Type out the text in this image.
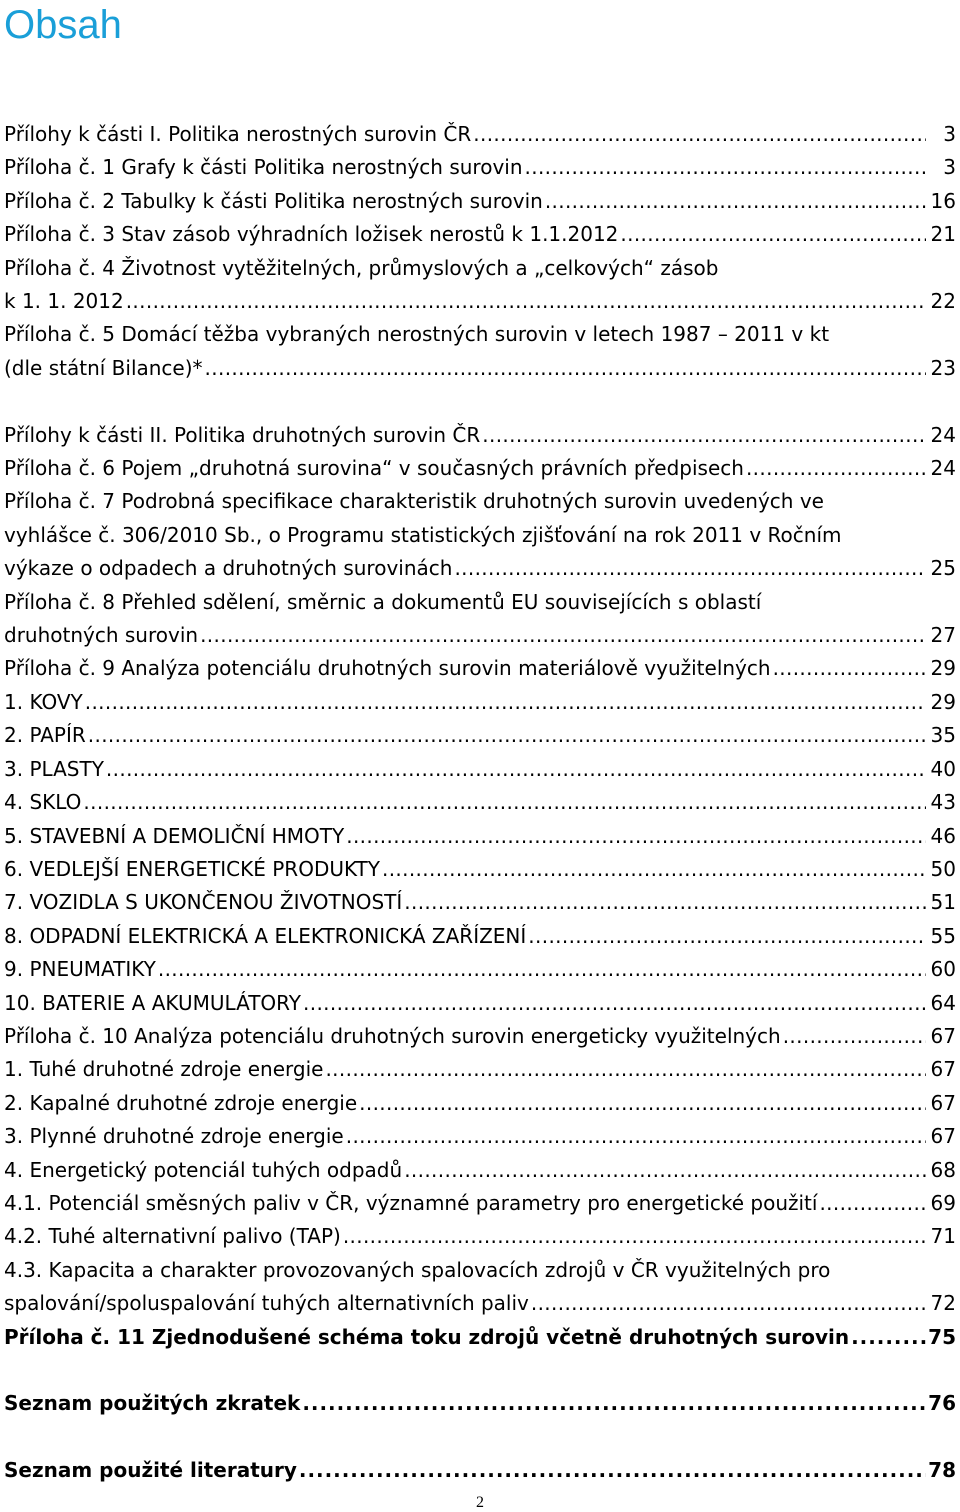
Obsah
Přílohy k části I. Politika nerostných surovin ČR . . .	3
Příloha č. 1 Grafy k části Politika nerostných surovin . . .	3
Příloha č. 2 Tabulky k části Politika nerostných surovin . . .	16
Příloha č. 3 Stav zásob výhradních ložisek nerostů k 1.1.2012 . . .	21
Příloha č. 4 Životnost vytěžitelných, průmyslových a „celkových“ zásob
k 1. 1. 2012 . . .	22
Příloha č. 5 Domácí těžba vybraných nerostných surovin v letech 1987 – 2011 v kt
(dle státní Bilance)* . . .	23
Přílohy k části II. Politika druhotných surovin ČR . . .	24
Příloha č. 6 Pojem „druhotná surovina“ v současných právních předpisech . . .	24
Příloha č. 7 Podrobná specifikace charakteristik druhotných surovin uvedených ve
vyhlášce č. 306/2010 Sb., o Programu statistických zjišťování na rok 2011 v Ročním
výkaze o odpadech a druhotných surovinách . . .	25
Příloha č. 8 Přehled sdělení, směrnic a dokumentů EU souvisejících s oblastí
druhotných surovin . . .	27
Příloha č. 9 Analýza potenciálu druhotných surovin materiálově využitelných . . .	29
1. KOVY . . .	29
2. PAPÍR . . .	35
3. PLASTY . . .	40
4. SKLO . . .	43
5. STAVEBNÍ A DEMOLIČNÍ HMOTY . . .	46
6. VEDLEJŠÍ ENERGETICKÉ PRODUKTY . . .	50
7. VOZIDLA S UKONČENOU ŽIVOTNOSTÍ . . .	51
8. ODPADNÍ ELEKTRICKÁ A ELEKTRONICKÁ ZAŘÍZENÍ . . .	55
9. PNEUMATIKY . . .	60
10. BATERIE A AKUMULÁTORY . . .	64
Příloha č. 10 Analýza potenciálu druhotných surovin energeticky využitelných . . .	67
1. Tuhé druhotné zdroje energie . . .	67
2. Kapalné druhotné zdroje energie . . .	67
3. Plynné druhotné zdroje energie . . .	67
4. Energetický potenciál tuhých odpadů . . .	68
4.1. Potenciál směsných paliv v ČR, významné parametry pro energetické použití . . .	69
4.2. Tuhé alternativní palivo (TAP) . . .	71
4.3. Kapacita a charakter provozovaných spalovacích zdrojů v ČR využitelných pro
spalování/spoluspalování tuhých alternativních paliv . . .	72
Příloha č. 11 Zjednodušené schéma toku zdrojů včetně druhotných surovin . . .	75
Seznam použitých zkratek . . .	76
Seznam použité literatury . . .	78
2
